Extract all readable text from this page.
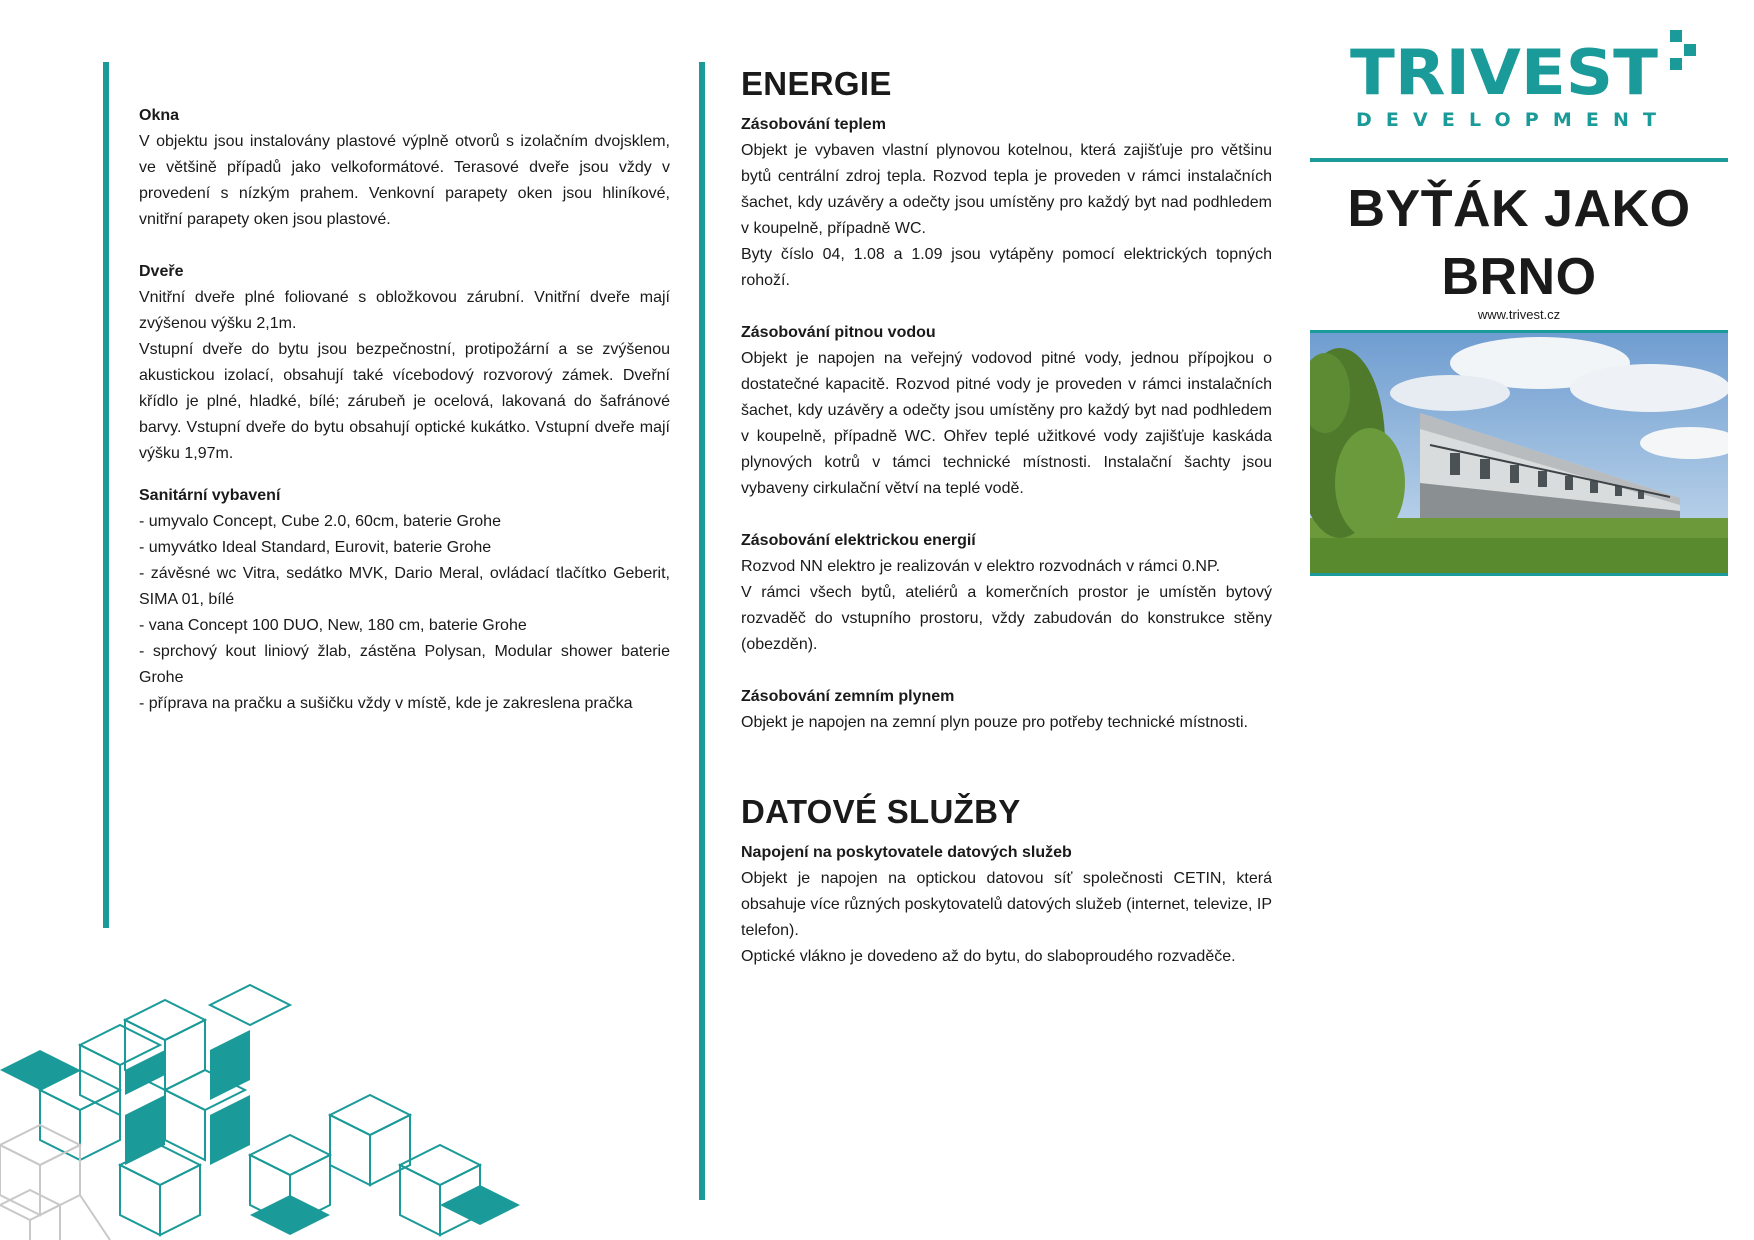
Okna

V objektu jsou instalovány plastové výplně otvorů s izolačním dvojsklem, ve většině případů jako velkoformátové. Terasové dveře jsou vždy v provedení s nízkým prahem. Venkovní parapety oken jsou hliníkové, vnitřní parapety oken jsou plastové.

Dveře

Vnitřní dveře plné foliované s obložkovou zárubní. Vnitřní dveře mají zvýšenou výšku 2,1m.

Vstupní dveře do bytu jsou bezpečnostní, protipožární a se zvýšenou akustickou izolací, obsahují také vícebodový rozvorový zámek. Dveřní křídlo je plné, hladké, bílé; zárubeň je ocelová, lakovaná do šafránové barvy. Vstupní dveře do bytu obsahují optické kukátko. Vstupní dveře mají výšku 1,97m.

Sanitární vybavení

- umyvalo Concept, Cube 2.0, 60cm, baterie Grohe

- umyvátko Ideal Standard, Eurovit, baterie Grohe

- závěsné wc Vitra, sedátko MVK, Dario Meral, ovládací tlačítko Geberit, SIMA 01, bílé

- vana Concept 100 DUO, New, 180 cm, baterie Grohe

- sprchový kout liniový žlab, zástěna Polysan, Modular shower baterie Grohe

- příprava na pračku a sušičku vždy v místě, kde je zakreslena pračka

ENERGIE

Zásobování teplem

Objekt je vybaven vlastní plynovou kotelnou, která zajišťuje pro většinu bytů centrální zdroj tepla. Rozvod tepla je proveden v rámci instalačních šachet, kdy uzávěry a odečty jsou umístěny pro každý byt nad podhledem v koupelně, případně WC.

Byty číslo 04, 1.08 a 1.09 jsou vytápěny pomocí elektrických topných rohoží.

Zásobování pitnou vodou

Objekt je napojen na veřejný vodovod pitné vody, jednou přípojkou o dostatečné kapacitě. Rozvod pitné vody je proveden v rámci instalačních šachet, kdy uzávěry a odečty jsou umístěny pro každý byt nad podhledem v koupelně, případně WC. Ohřev teplé užitkové vody zajišťuje kaskáda plynových kotrů v támci technické místnosti. Instalační šachty jsou vybaveny cirkulační větví na teplé vodě.

Zásobování elektrickou energií

Rozvod NN elektro je realizován v elektro rozvodnách v rámci 0.NP.

V rámci všech bytů, ateliérů a komerčních prostor je umístěn bytový rozvaděč do vstupního prostoru, vždy zabudován do konstrukce stěny (obezděn).

Zásobování zemním plynem

Objekt je napojen na zemní plyn pouze pro potřeby technické místnosti.

DATOVÉ SLUŽBY

Napojení na poskytovatele datových služeb

Objekt je napojen na optickou datovou síť společnosti CETIN, která obsahuje více různých poskytovatelů datových služeb (internet, televize, IP telefon).

Optické vlákno je dovedeno až do bytu, do slaboproudého rozvaděče.

TRIVEST
DEVELOPMENT
BYŤÁK JAKO
BRNO
www.trivest.cz
